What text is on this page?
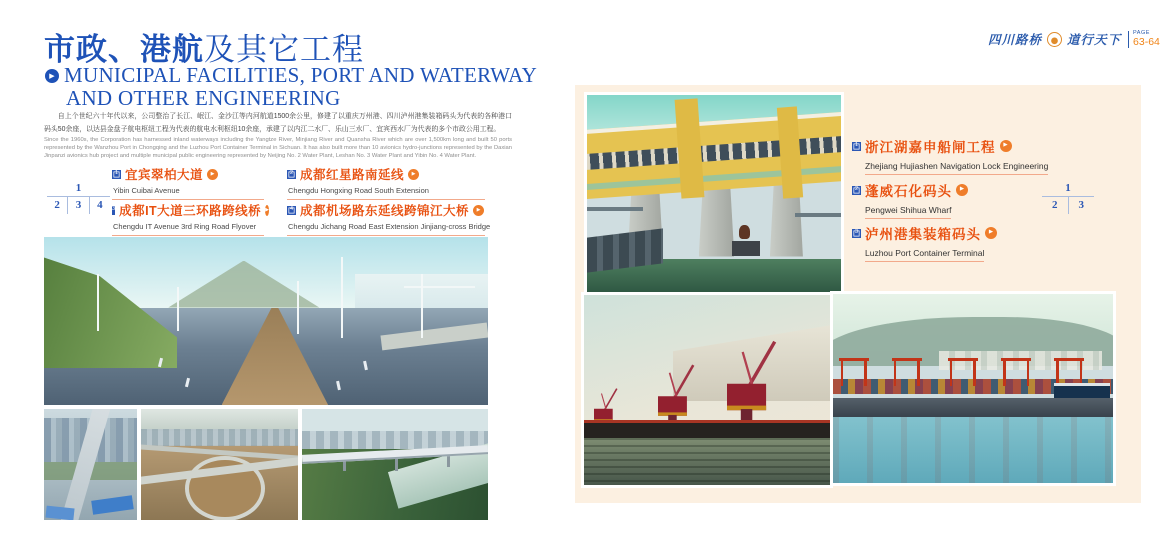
市政、港航及其它工程
▶ MUNICIPAL FACILITIES, PORT AND WATERWAY
AND OTHER ENGINEERING
自上个世纪六十年代以来，公司整治了长江、岷江、金沙江等内河航道1500余公里，修建了以重庆万州港、四川泸州港集装箱码头为代表的各种港口码头50余座，以达县金盘子航电枢纽工程为代表的航电水利枢纽10余座，承建了以内江二水厂、乐山三水厂、宜宾西水厂为代表的多个市政公用工程。
Since the 1960s, the Corporation has harnessed inland waterways including the Yangtze River, Minjiang River and Quansha River which are over 1,500km long and built 50 ports represented by the Wanzhou Port in Chongqing and the Luzhou Port Container Terminal in Sichuan. It has also built more than 10 avionics hydro-junctions represented by the Daxian Jinpanzi avionics hub project and multiple municipal public engineering represented by Neijing No. 2 Water Plant, Leshan No. 3 Water Plant and Yibin No. 4 Water Plant.
1
2	3	4
1 宜宾翠柏大道	▶
Yibin Cuibai Avenue
2 成都红星路南延线	▶
Chengdu Hongxing Road South Extension
3 成都IT大道三环路跨线桥 ▶
Chengdu IT Avenue 3rd Ring Road Flyover
4 成都机场路东延线跨锦江大桥	▶
Chengdu Jichang Road East Extension Jinjiang-cross Bridge
四川路桥 道行天下
PAGE
63-64
1 浙江湖嘉申船闸工程	▶
Zhejiang Hujiashen Navigation Lock Engineering
2 蓬威石化码头	▶
Pengwei Shihua Wharf
3 泸州港集装箱码头	▶
Luzhou Port Container Terminal
1
2	3
